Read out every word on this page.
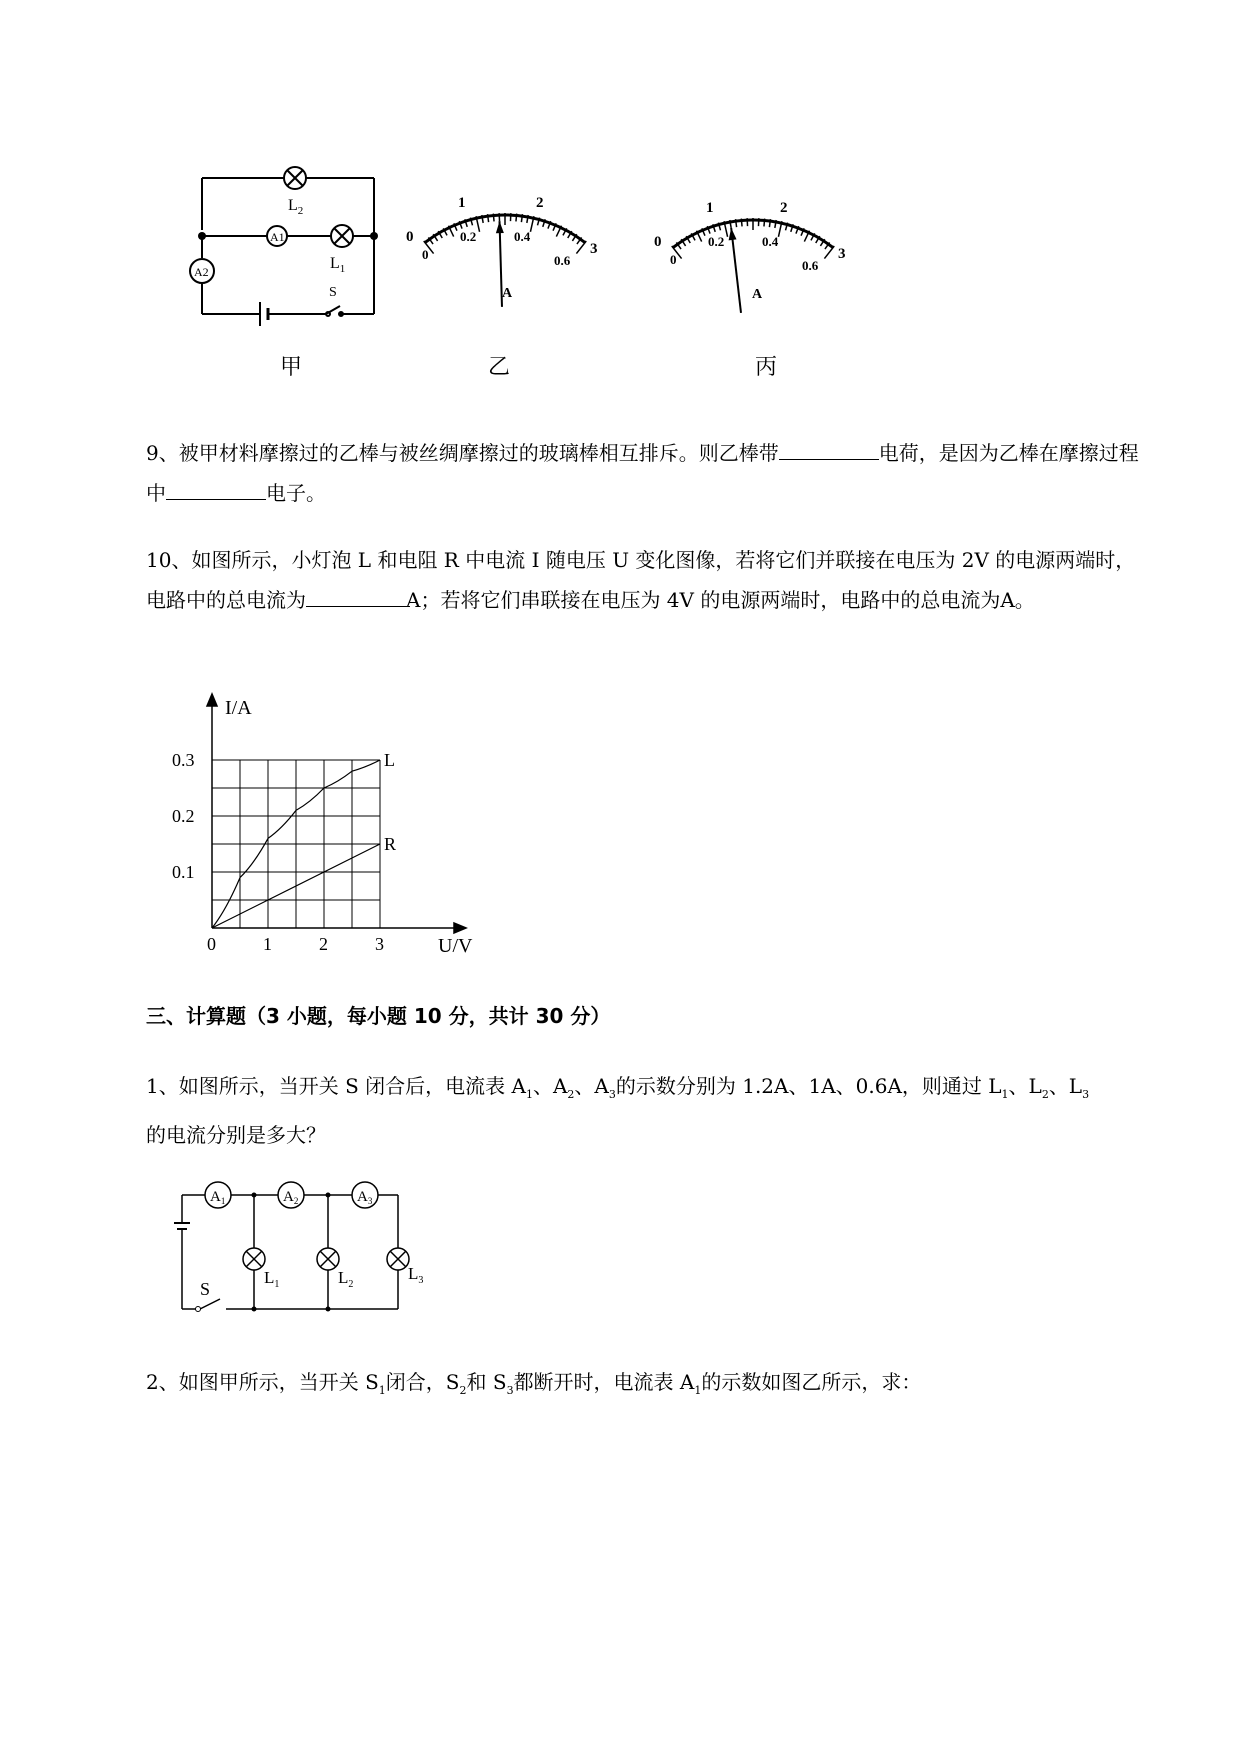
$L_2$
A1
$L_1$
A2
S
0
1	2
3
0
0.2	0.4
0.6
A
0
1	2
3
0
0.2	0.4
0.6
A
甲	乙	丙
9、被甲材料摩擦过的乙棒与被丝绸摩擦过的玻璃棒相互排斥。则乙棒带	电荷，是因为乙棒在摩擦过程中	电子。
10、如图所示，小灯泡 L 和电阻 R 中电流 I 随电压 U 变化图像，若将它们并联接在电压为 2V 的电源两端时，电路中的总电流为	A；若将它们串联接在电压为 4V 的电源两端时，电路中的总电流为A。
0	1	2	3
0.1
0.2
0.3
I/A
U/V
L
R
三、计算题（3 小题，每小题 10 分，共计 30 分）
1、如图所示，当开关 S 闭合后，电流表 $A_1$、$A_2$、$A_3$的示数分别为 1.2A、1A、0.6A，则通过 $L_1$、$L_2$、$L_3$
的电流分别是多大？
$A_1$	$A_2$	$A_3$
$L_1$	$L_2$
$L_3$
S
2、如图甲所示，当开关 $S_1$闭合，$S_2$和 $S_3$都断开时，电流表 $A_1$的示数如图乙所示，求：
